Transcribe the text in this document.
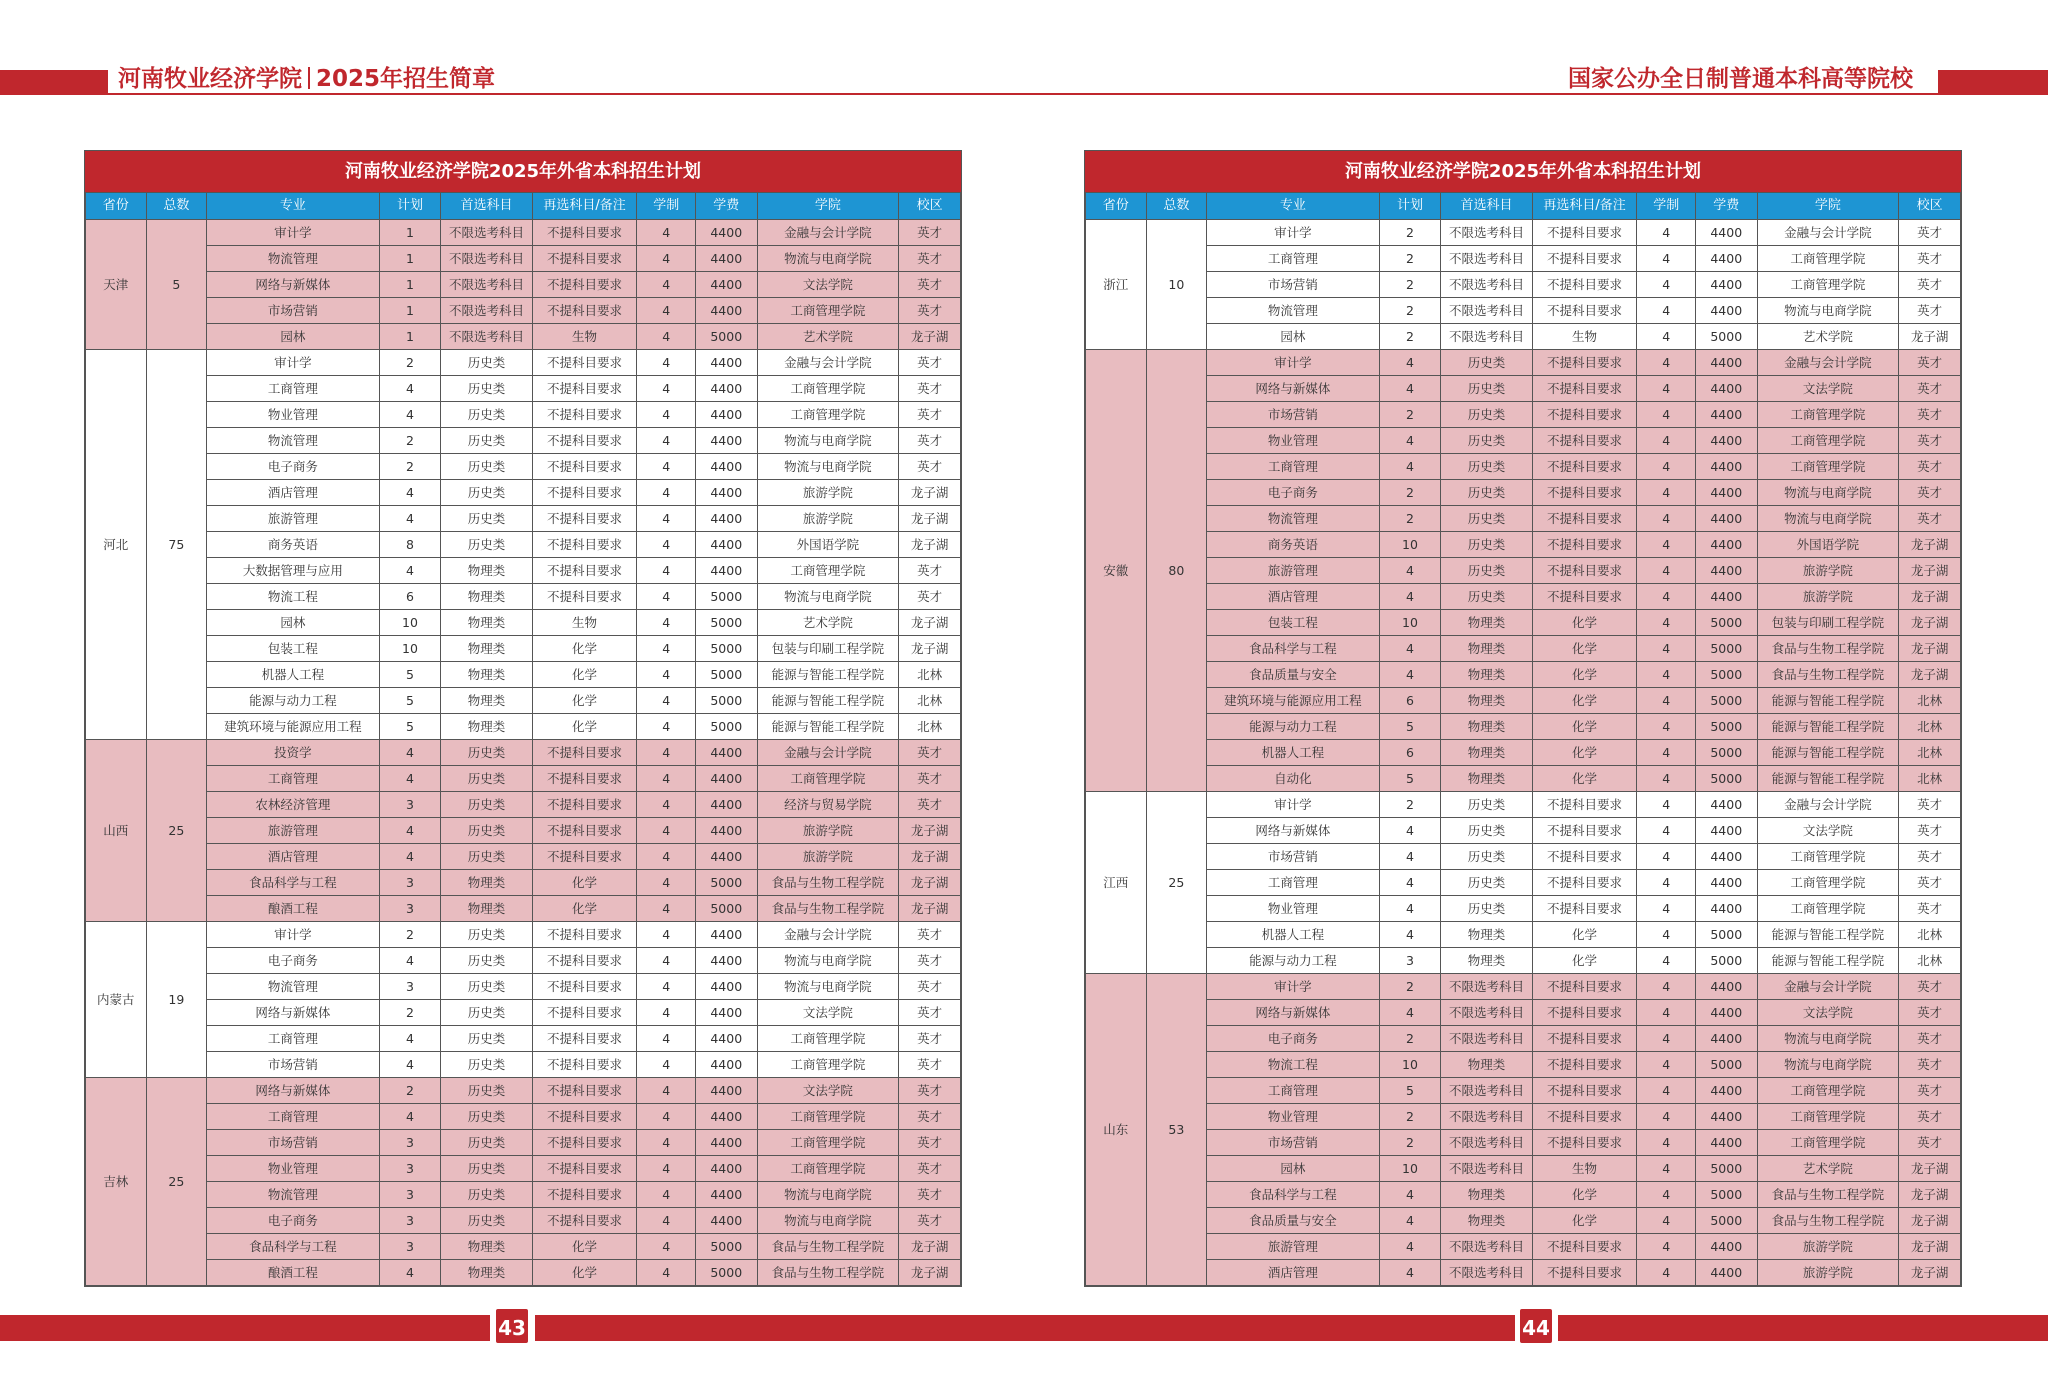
河南牧业经济学院 2025年招生简章	国家公办全日制普通本科高等院校
河南牧业经济学院2025年外省本科招生计划
省份	总数	专业	计划	首选科目	再选科目/备注	学制	学费	学院	校区
天津	5	审计学	1	不限选考科目	不提科目要求	4	4400	金融与会计学院	英才
		物流管理	1	不限选考科目	不提科目要求	4	4400	物流与电商学院	英才
		网络与新媒体	1	不限选考科目	不提科目要求	4	4400	文法学院	英才
		市场营销	1	不限选考科目	不提科目要求	4	4400	工商管理学院	英才
		园林	1	不限选考科目	生物	4	5000	艺术学院	龙子湖
河北	75	审计学	2	历史类	不提科目要求	4	4400	金融与会计学院	英才
		工商管理	4	历史类	不提科目要求	4	4400	工商管理学院	英才
		物业管理	4	历史类	不提科目要求	4	4400	工商管理学院	英才
		物流管理	2	历史类	不提科目要求	4	4400	物流与电商学院	英才
		电子商务	2	历史类	不提科目要求	4	4400	物流与电商学院	英才
		酒店管理	4	历史类	不提科目要求	4	4400	旅游学院	龙子湖
		旅游管理	4	历史类	不提科目要求	4	4400	旅游学院	龙子湖
		商务英语	8	历史类	不提科目要求	4	4400	外国语学院	龙子湖
		大数据管理与应用	4	物理类	不提科目要求	4	4400	工商管理学院	英才
		物流工程	6	物理类	不提科目要求	4	5000	物流与电商学院	英才
		园林	10	物理类	生物	4	5000	艺术学院	龙子湖
		包装工程	10	物理类	化学	4	5000	包装与印刷工程学院	龙子湖
		机器人工程	5	物理类	化学	4	5000	能源与智能工程学院	北林
		能源与动力工程	5	物理类	化学	4	5000	能源与智能工程学院	北林
		建筑环境与能源应用工程	5	物理类	化学	4	5000	能源与智能工程学院	北林
山西	25	投资学	4	历史类	不提科目要求	4	4400	金融与会计学院	英才
		工商管理	4	历史类	不提科目要求	4	4400	工商管理学院	英才
		农林经济管理	3	历史类	不提科目要求	4	4400	经济与贸易学院	英才
		旅游管理	4	历史类	不提科目要求	4	4400	旅游学院	龙子湖
		酒店管理	4	历史类	不提科目要求	4	4400	旅游学院	龙子湖
		食品科学与工程	3	物理类	化学	4	5000	食品与生物工程学院	龙子湖
		酿酒工程	3	物理类	化学	4	5000	食品与生物工程学院	龙子湖
内蒙古	19	审计学	2	历史类	不提科目要求	4	4400	金融与会计学院	英才
		电子商务	4	历史类	不提科目要求	4	4400	物流与电商学院	英才
		物流管理	3	历史类	不提科目要求	4	4400	物流与电商学院	英才
		网络与新媒体	2	历史类	不提科目要求	4	4400	文法学院	英才
		工商管理	4	历史类	不提科目要求	4	4400	工商管理学院	英才
		市场营销	4	历史类	不提科目要求	4	4400	工商管理学院	英才
吉林	25	网络与新媒体	2	历史类	不提科目要求	4	4400	文法学院	英才
		工商管理	4	历史类	不提科目要求	4	4400	工商管理学院	英才
		市场营销	3	历史类	不提科目要求	4	4400	工商管理学院	英才
		物业管理	3	历史类	不提科目要求	4	4400	工商管理学院	英才
		物流管理	3	历史类	不提科目要求	4	4400	物流与电商学院	英才
		电子商务	3	历史类	不提科目要求	4	4400	物流与电商学院	英才
		食品科学与工程	3	物理类	化学	4	5000	食品与生物工程学院	龙子湖
		酿酒工程	4	物理类	化学	4	5000	食品与生物工程学院	龙子湖
河南牧业经济学院2025年外省本科招生计划
省份	总数	专业	计划	首选科目	再选科目/备注	学制	学费	学院	校区
浙江	10	审计学	2	不限选考科目	不提科目要求	4	4400	金融与会计学院	英才
		工商管理	2	不限选考科目	不提科目要求	4	4400	工商管理学院	英才
		市场营销	2	不限选考科目	不提科目要求	4	4400	工商管理学院	英才
		物流管理	2	不限选考科目	不提科目要求	4	4400	物流与电商学院	英才
		园林	2	不限选考科目	生物	4	5000	艺术学院	龙子湖
安徽	80	审计学	4	历史类	不提科目要求	4	4400	金融与会计学院	英才
		网络与新媒体	4	历史类	不提科目要求	4	4400	文法学院	英才
		市场营销	2	历史类	不提科目要求	4	4400	工商管理学院	英才
		物业管理	4	历史类	不提科目要求	4	4400	工商管理学院	英才
		工商管理	4	历史类	不提科目要求	4	4400	工商管理学院	英才
		电子商务	2	历史类	不提科目要求	4	4400	物流与电商学院	英才
		物流管理	2	历史类	不提科目要求	4	4400	物流与电商学院	英才
		商务英语	10	历史类	不提科目要求	4	4400	外国语学院	龙子湖
		旅游管理	4	历史类	不提科目要求	4	4400	旅游学院	龙子湖
		酒店管理	4	历史类	不提科目要求	4	4400	旅游学院	龙子湖
		包装工程	10	物理类	化学	4	5000	包装与印刷工程学院	龙子湖
		食品科学与工程	4	物理类	化学	4	5000	食品与生物工程学院	龙子湖
		食品质量与安全	4	物理类	化学	4	5000	食品与生物工程学院	龙子湖
		建筑环境与能源应用工程	6	物理类	化学	4	5000	能源与智能工程学院	北林
		能源与动力工程	5	物理类	化学	4	5000	能源与智能工程学院	北林
		机器人工程	6	物理类	化学	4	5000	能源与智能工程学院	北林
		自动化	5	物理类	化学	4	5000	能源与智能工程学院	北林
江西	25	审计学	2	历史类	不提科目要求	4	4400	金融与会计学院	英才
		网络与新媒体	4	历史类	不提科目要求	4	4400	文法学院	英才
		市场营销	4	历史类	不提科目要求	4	4400	工商管理学院	英才
		工商管理	4	历史类	不提科目要求	4	4400	工商管理学院	英才
		物业管理	4	历史类	不提科目要求	4	4400	工商管理学院	英才
		机器人工程	4	物理类	化学	4	5000	能源与智能工程学院	北林
		能源与动力工程	3	物理类	化学	4	5000	能源与智能工程学院	北林
山东	53	审计学	2	不限选考科目	不提科目要求	4	4400	金融与会计学院	英才
		网络与新媒体	4	不限选考科目	不提科目要求	4	4400	文法学院	英才
		电子商务	2	不限选考科目	不提科目要求	4	4400	物流与电商学院	英才
		物流工程	10	物理类	不提科目要求	4	5000	物流与电商学院	英才
		工商管理	5	不限选考科目	不提科目要求	4	4400	工商管理学院	英才
		物业管理	2	不限选考科目	不提科目要求	4	4400	工商管理学院	英才
		市场营销	2	不限选考科目	不提科目要求	4	4400	工商管理学院	英才
		园林	10	不限选考科目	生物	4	5000	艺术学院	龙子湖
		食品科学与工程	4	物理类	化学	4	5000	食品与生物工程学院	龙子湖
		食品质量与安全	4	物理类	化学	4	5000	食品与生物工程学院	龙子湖
		旅游管理	4	不限选考科目	不提科目要求	4	4400	旅游学院	龙子湖
		酒店管理	4	不限选考科目	不提科目要求	4	4400	旅游学院	龙子湖
43	44
